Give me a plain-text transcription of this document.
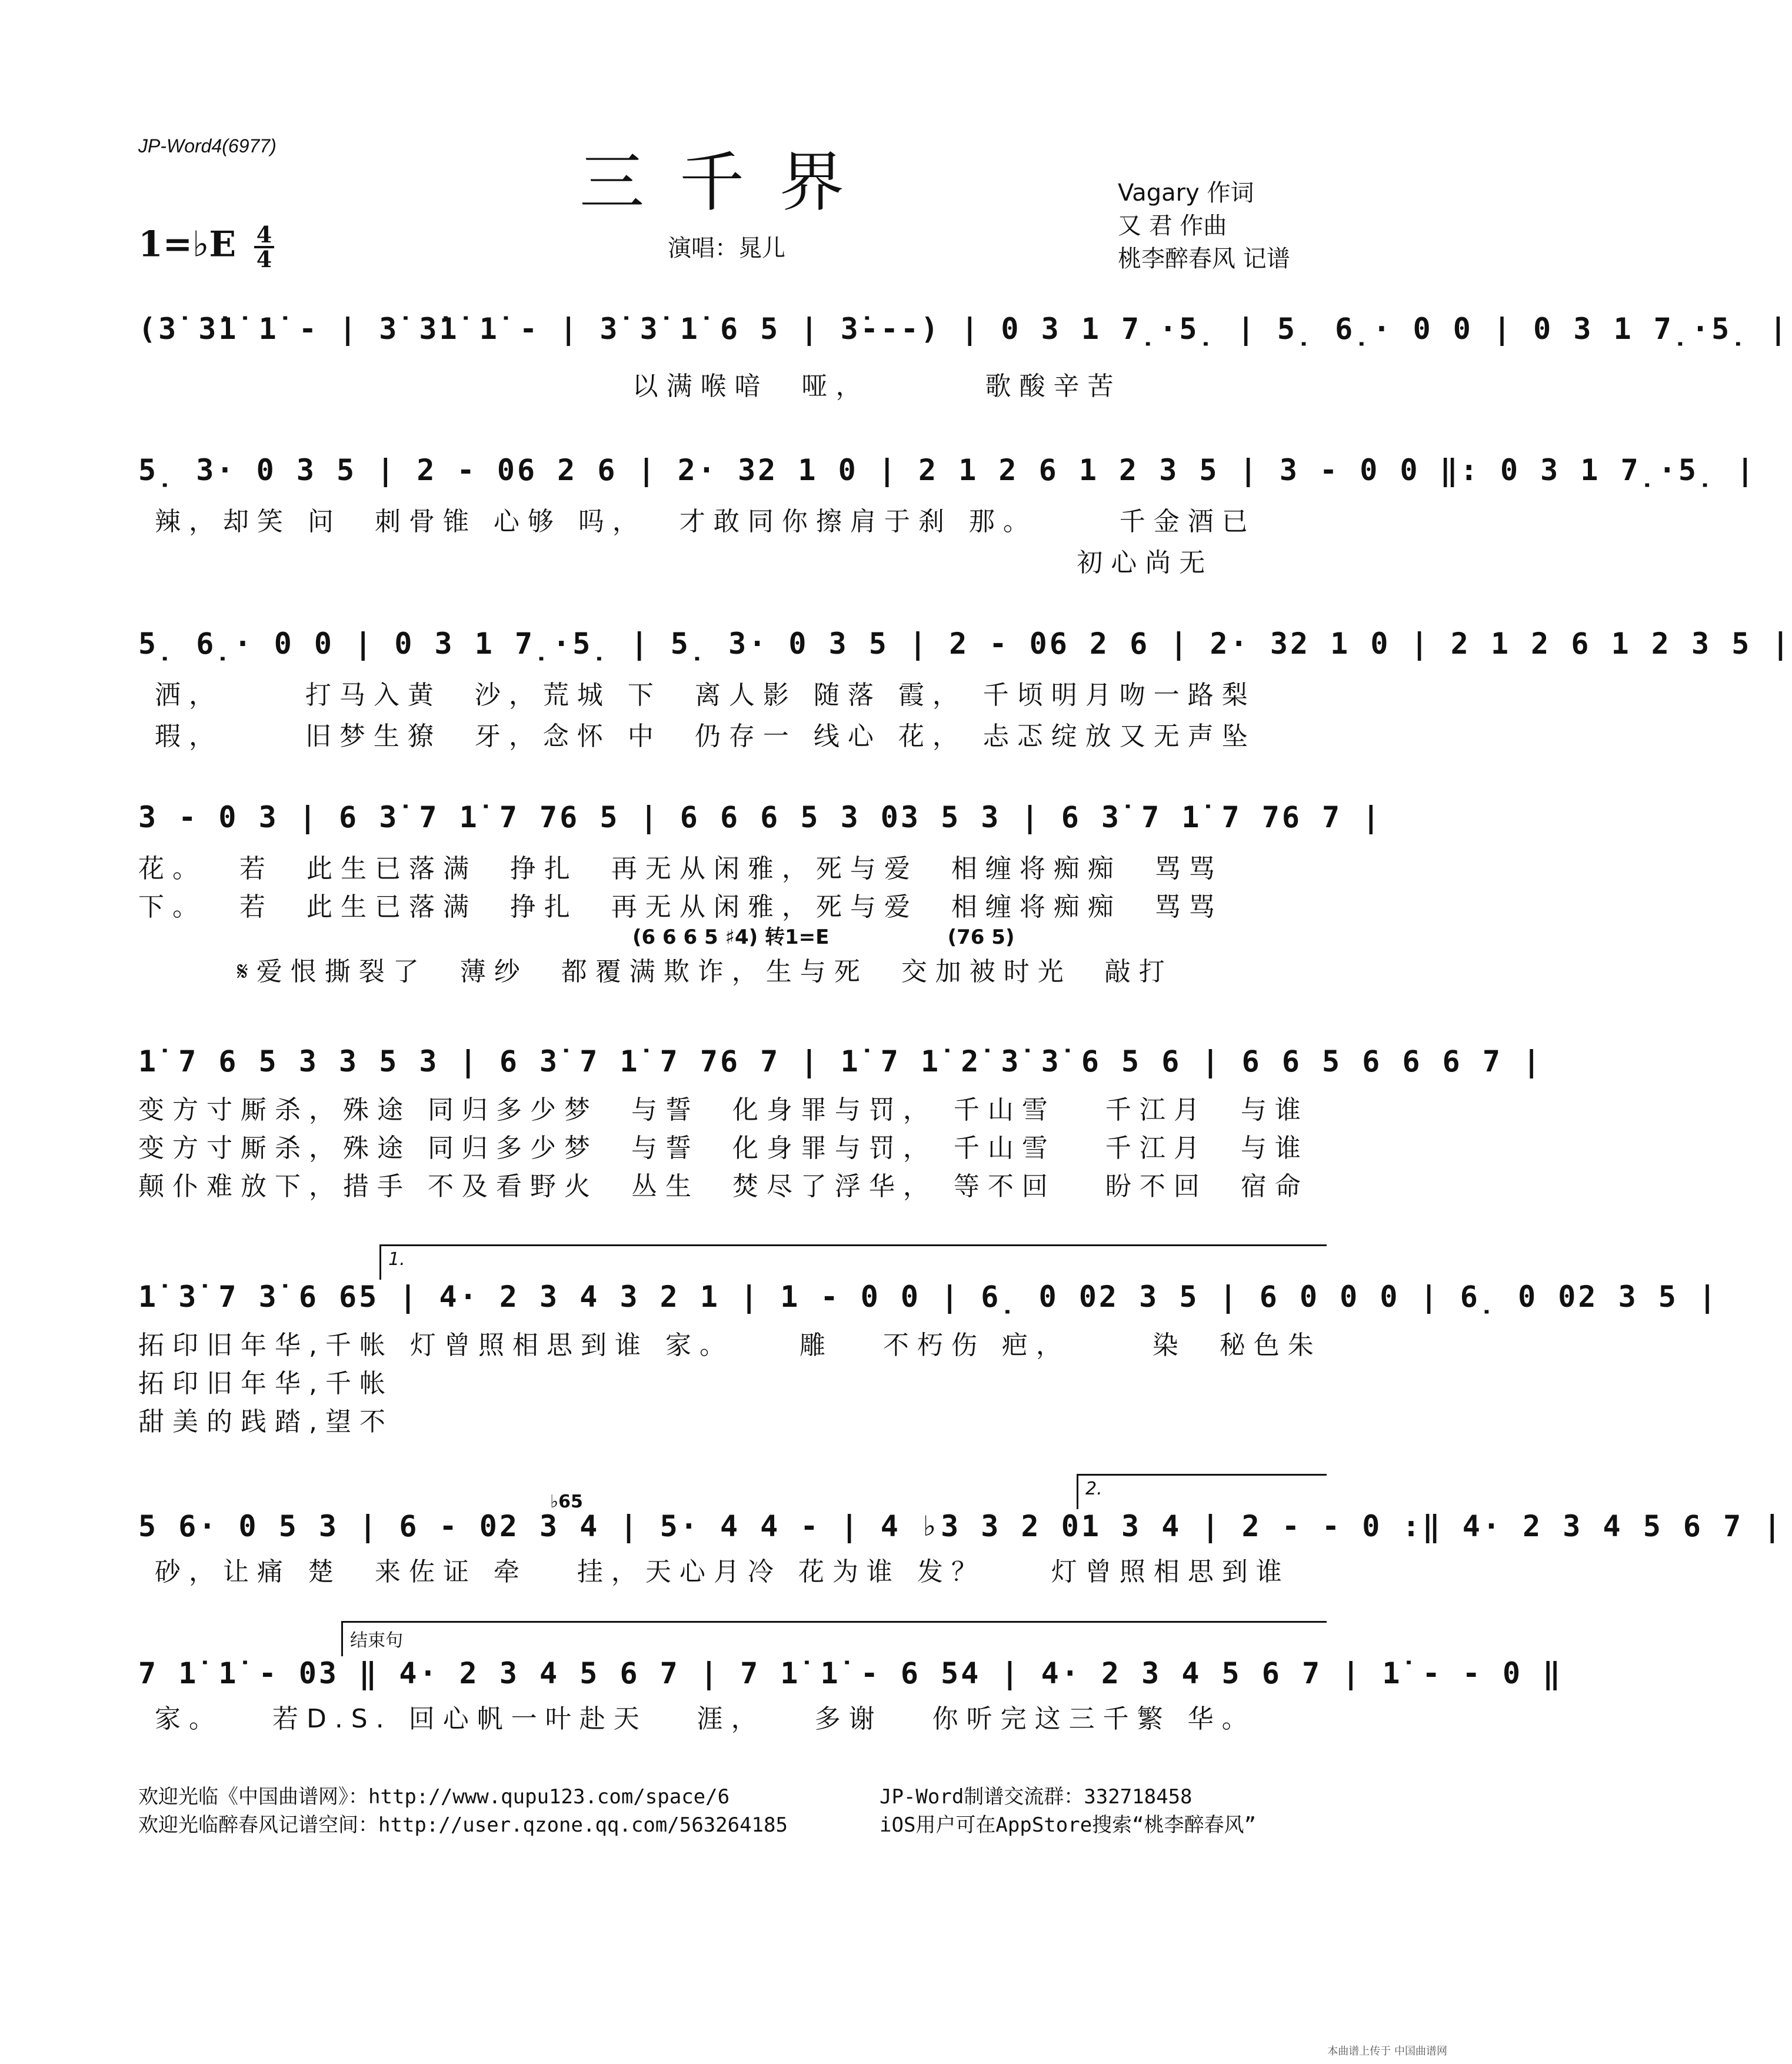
JP-Word4(6977)	三千界
1=♭E $\frac{4}{4}$	演唱：晁儿
Vagary 作词
又 君 作曲
桃李醉春风 记谱
(3̇ 3̇1̇ 1̇ - | 3̇ 3̇1̇ 1̇ - | 3̇ 3̇ 1̇ 6 5 | 3̇---) | 0 3 1 7̣·5̣ | 5̣ 6̣· 0 0 | 0 3 1 7̣·5̣ |
以满喉喑  哑，       歌酸辛苦
5̣ 3· 0 3 5 | 2 - 06 2 6 | 2· 32 1 0 | 2 1 2 6 1 2 3 5 | 3 - 0 0 ‖: 0 3 1 7̣·5̣ |
辣，却笑 问  刺骨锥 心够 吗，  才敢同你擦肩于刹 那。     千金酒已
初心尚无
5̣ 6̣· 0 0 | 0 3 1 7̣·5̣ | 5̣ 3· 0 3 5 | 2 - 06 2 6 | 2· 32 1 0 | 2 1 2 6 1 2 3 5 |
洒，     打马入黄  沙，荒城 下  离人影 随落 霞， 千顷明月吻一路梨
瑕，     旧梦生獠  牙，念怀 中  仍存一 线心 花， 忐忑绽放又无声坠
3 - 0 3 | 6 3̇ 7 1̇ 7 76 5 | 6 6 6 5 3 03 5 3 | 6 3̇ 7 1̇ 7 76 7 |
花。  若  此生已落满  挣扎  再无从闲雅，死与爱  相缠将痴痴  骂骂
下。  若  此生已落满  挣扎  再无从闲雅，死与爱  相缠将痴痴  骂骂
(6 6 6 5 ♯4) 转1=E                 (76 5)
𝄋爱恨撕裂了  薄纱  都覆满欺诈，生与死  交加被时光  敲打
1̇ 7 6 5 3 3 5 3 | 6 3̇ 7 1̇ 7 76 7 | 1̇ 7 1̇ 2̇ 3̇ 3̇ 6 5 6 | 6 6 5 6 6 6 7 |
变方寸厮杀，殊途 同归多少梦  与誓  化身罪与罚， 千山雪   千江月  与谁
变方寸厮杀，殊途 同归多少梦  与誓  化身罪与罚， 千山雪   千江月  与谁
颠仆难放下，措手 不及看野火  丛生  焚尽了浮华， 等不回   盼不回  宿命
1.
1̇ 3̇ 7 3̇ 6 65 | 4· 2 3 4 3 2 1 | 1 - 0 0 | 6̣ 0 02 3 5 | 6 0 0 0 | 6̣ 0 02 3 5 |
拓印旧年华,千帐 灯曾照相思到谁 家。    雕   不朽伤 疤，     染  秘色朱
拓印旧年华,千帐
甜美的践踏,望不
2.
♭65
5 6· 0 5 3 | 6 - 02 3 4 | 5· 4 4 - | 4 ♭3 3 2 01 3 4 | 2 - - 0 :‖ 4· 2 3 4 5 6 7 |
砂，让痛 楚  来佐证 牵   挂，天心月冷 花为谁 发？    灯曾照相思到谁
结束句
7 1̇ 1̇ - 03 ‖ 4· 2 3 4 5 6 7 | 7 1̇ 1̇ - 6 54 | 4· 2 3 4 5 6 7 | 1̇ - - 0 ‖
家。   若D.S. 回心帆一叶赴天   涯，   多谢   你听完这三千繁 华。
欢迎光临《中国曲谱网》：http://www.qupu123.com/space/6
欢迎光临醉春风记谱空间：http://user.qzone.qq.com/563264185
JP-Word制谱交流群：332718458
iOS用户可在AppStore搜索“桃李醉春风”
本曲谱上传于 中国曲谱网
